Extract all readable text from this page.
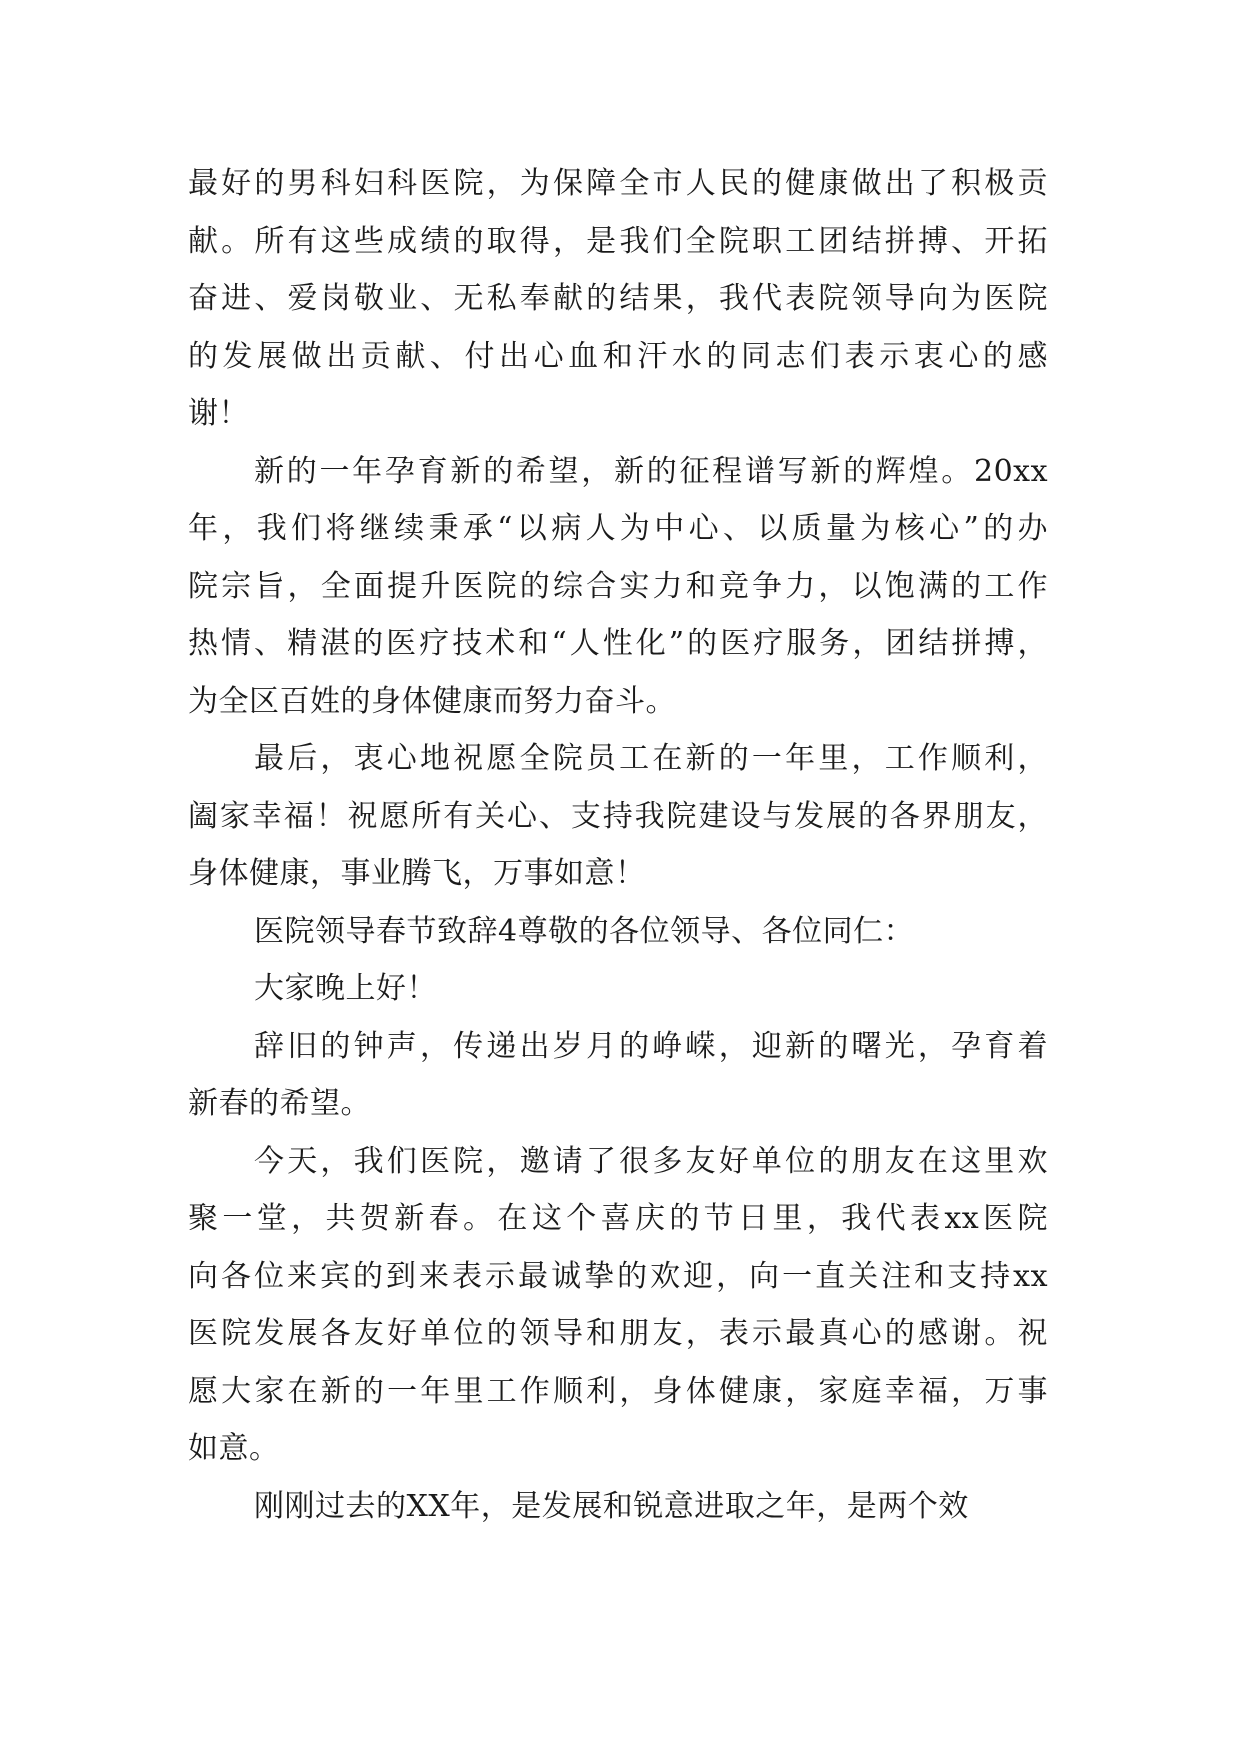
最好的男科妇科医院，为保障全市人民的健康做出了积极贡
献。所有这些成绩的取得，是我们全院职工团结拼搏、开拓
奋进、爱岗敬业、无私奉献的结果，我代表院领导向为医院
的发展做出贡献、付出心血和汗水的同志们表示衷心的感
谢！
新的一年孕育新的希望，新的征程谱写新的辉煌。20xx
年，我们将继续秉承“以病人为中心、以质量为核心”的办
院宗旨，全面提升医院的综合实力和竞争力，以饱满的工作
热情、精湛的医疗技术和“人性化”的医疗服务，团结拼搏，
为全区百姓的身体健康而努力奋斗。
最后，衷心地祝愿全院员工在新的一年里，工作顺利，
阖家幸福！祝愿所有关心、支持我院建设与发展的各界朋友，
身体健康，事业腾飞，万事如意！
医院领导春节致辞4尊敬的各位领导、各位同仁：
大家晚上好！
辞旧的钟声，传递出岁月的峥嵘，迎新的曙光，孕育着
新春的希望。
今天，我们医院，邀请了很多友好单位的朋友在这里欢
聚一堂，共贺新春。在这个喜庆的节日里，我代表xx医院
向各位来宾的到来表示最诚挚的欢迎，向一直关注和支持xx
医院发展各友好单位的领导和朋友，表示最真心的感谢。祝
愿大家在新的一年里工作顺利，身体健康，家庭幸福，万事
如意。
刚刚过去的XX年，是发展和锐意进取之年，是两个效
